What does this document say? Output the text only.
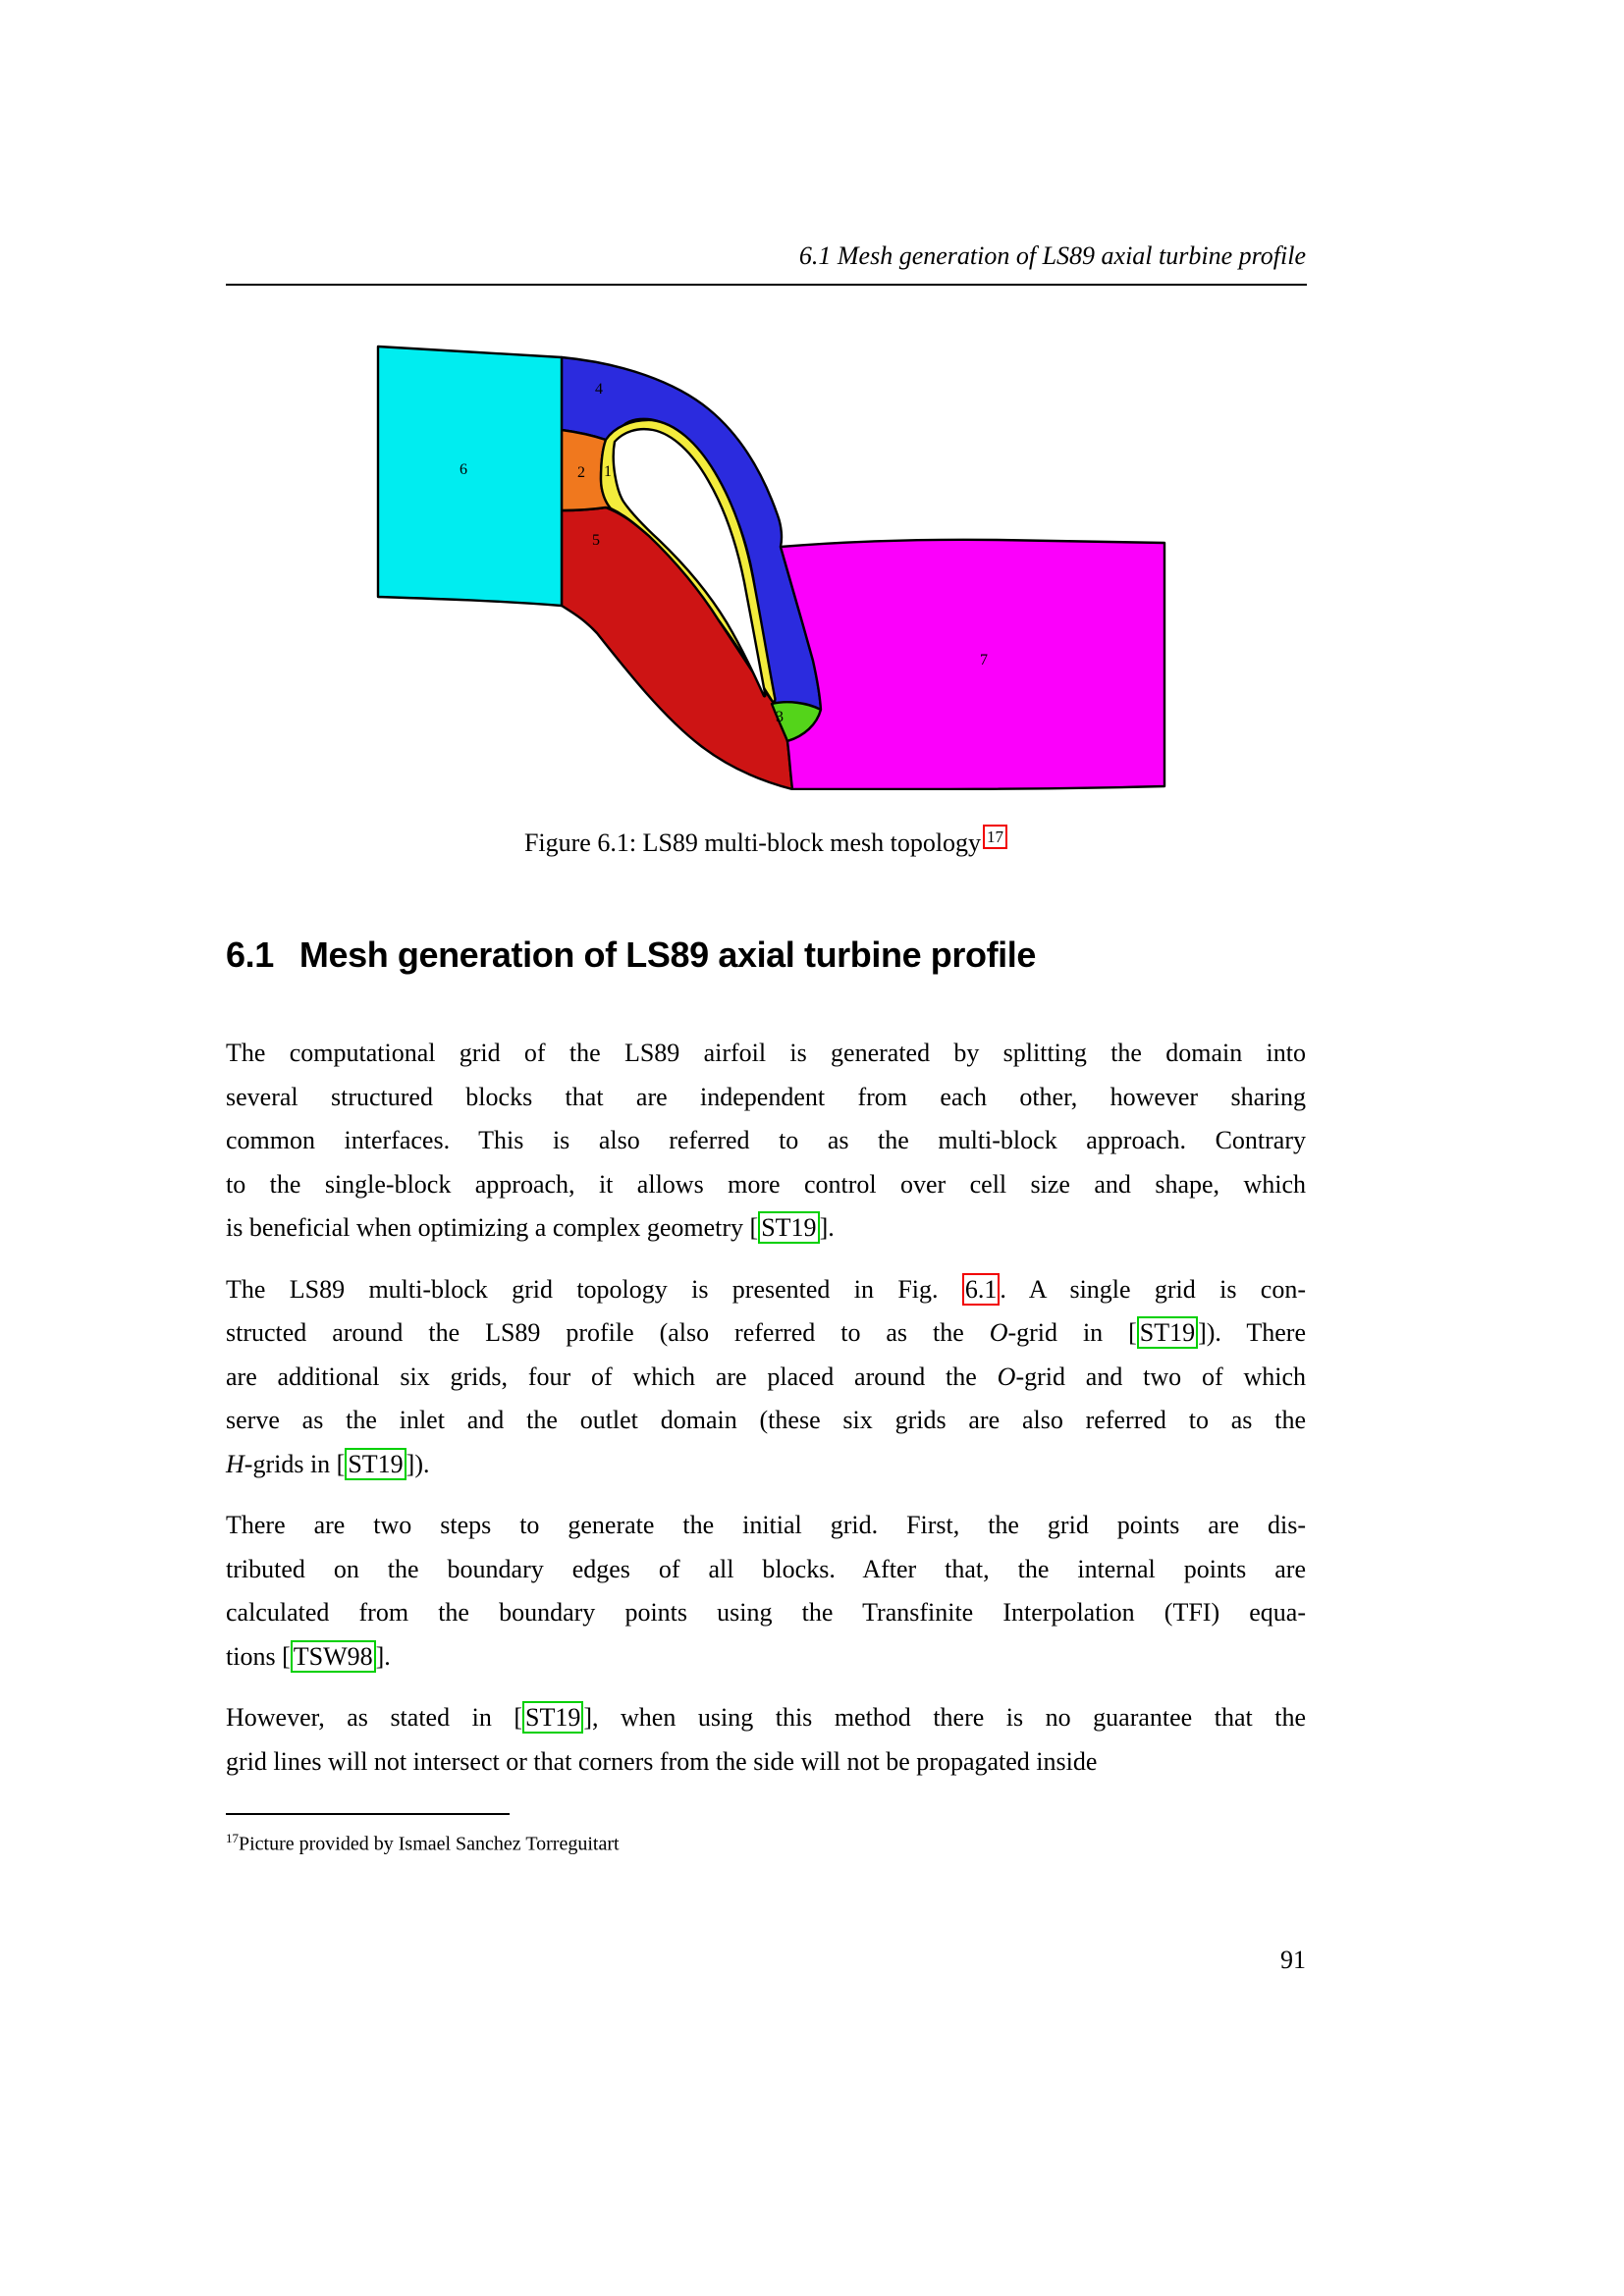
6.1 Mesh generation of LS89 axial turbine profile
6
4
2 1
5
3
7
Figure 6.1: LS89 multi-block mesh topology 17
6.1 Mesh generation of LS89 axial turbine profile
The computational grid of the LS89 airfoil is generated by splitting the domain into
several structured blocks that are independent from each other, however sharing
common interfaces. This is also referred to as the multi-block approach. Contrary
to the single-block approach, it allows more control over cell size and shape, which
is beneficial when optimizing a complex geometry [ ST19 ].
The LS89 multi-block grid topology is presented in Fig. 6.1 . A single grid is con-
structed around the LS89 profile (also referred to as the O-grid in [ ST19 ]). There
are additional six grids, four of which are placed around the O-grid and two of which
serve as the inlet and the outlet domain (these six grids are also referred to as the
H-grids in [ ST19 ]).
There are two steps to generate the initial grid. First, the grid points are dis-
tributed on the boundary edges of all blocks. After that, the internal points are
calculated from the boundary points using the Transfinite Interpolation (TFI) equa-
tions [ TSW98 ].
However, as stated in [ ST19 ], when using this method there is no guarantee that the
grid lines will not intersect or that corners from the side will not be propagated inside
$^{17}$Picture provided by Ismael Sanchez Torreguitart
91
